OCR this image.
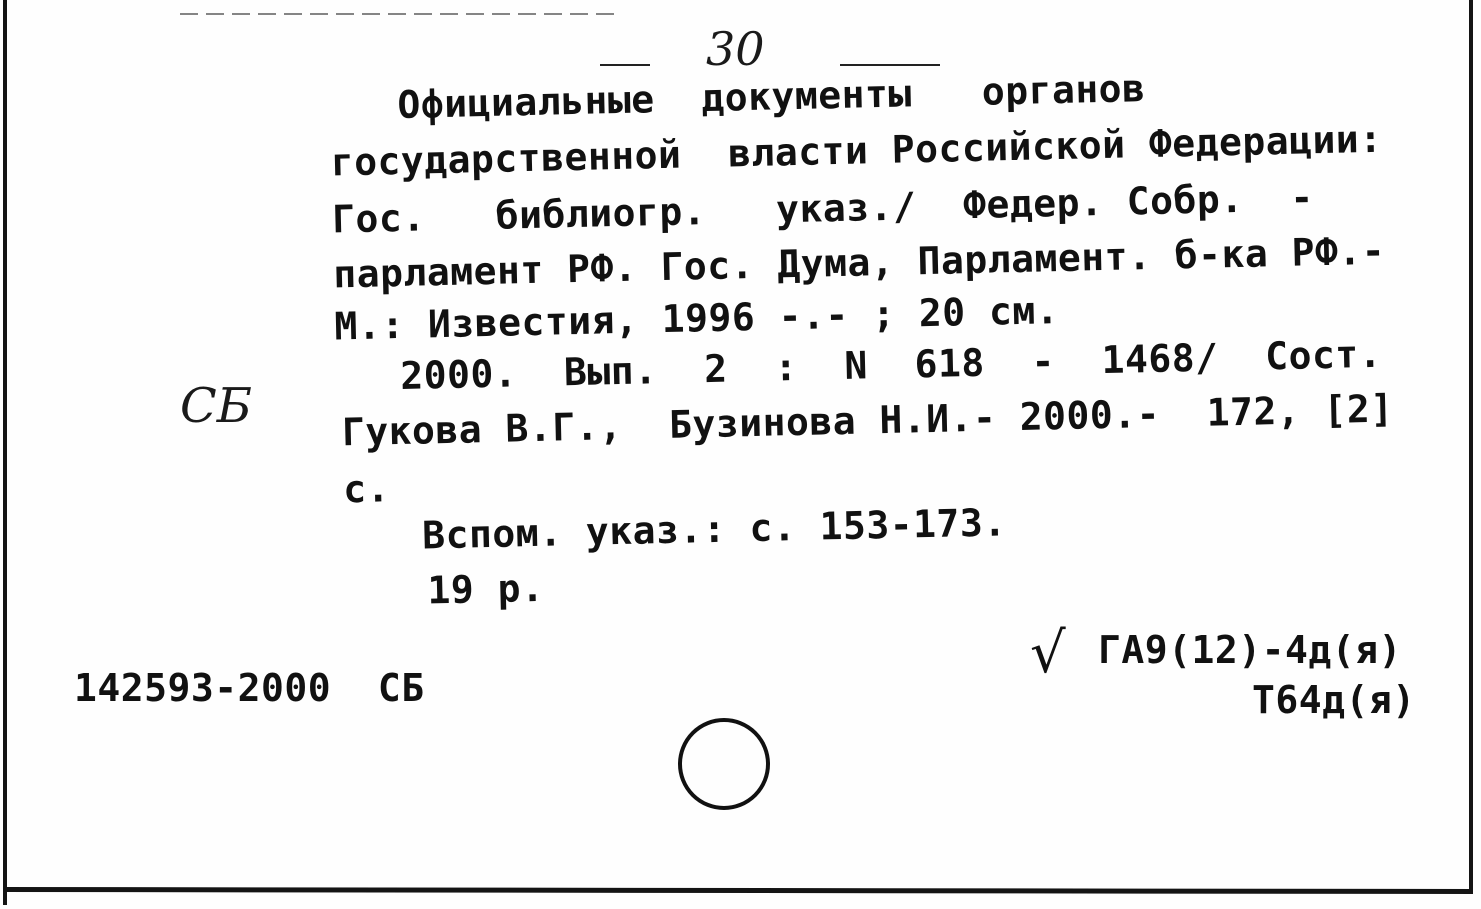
30
СБ
Официальные  документы   органов
государственной  власти Российской Федерации:
Гос.   библиогр.   указ./  Федер. Собр.  -
парламент РФ. Гос. Дума, Парламент. б-ка РФ.-
М.: Известия, 1996 -.- ; 20 см.
2000.  Вып.  2  :  N  618  -  1468/  Сост.
Гукова В.Г.,  Бузинова Н.И.- 2000.-  172, [2]
с.
Вспом. указ.: с. 153-173.
19 р.
142593-2000  СБ
√ ГА9(12)-4д(я)
Т64д(я)
